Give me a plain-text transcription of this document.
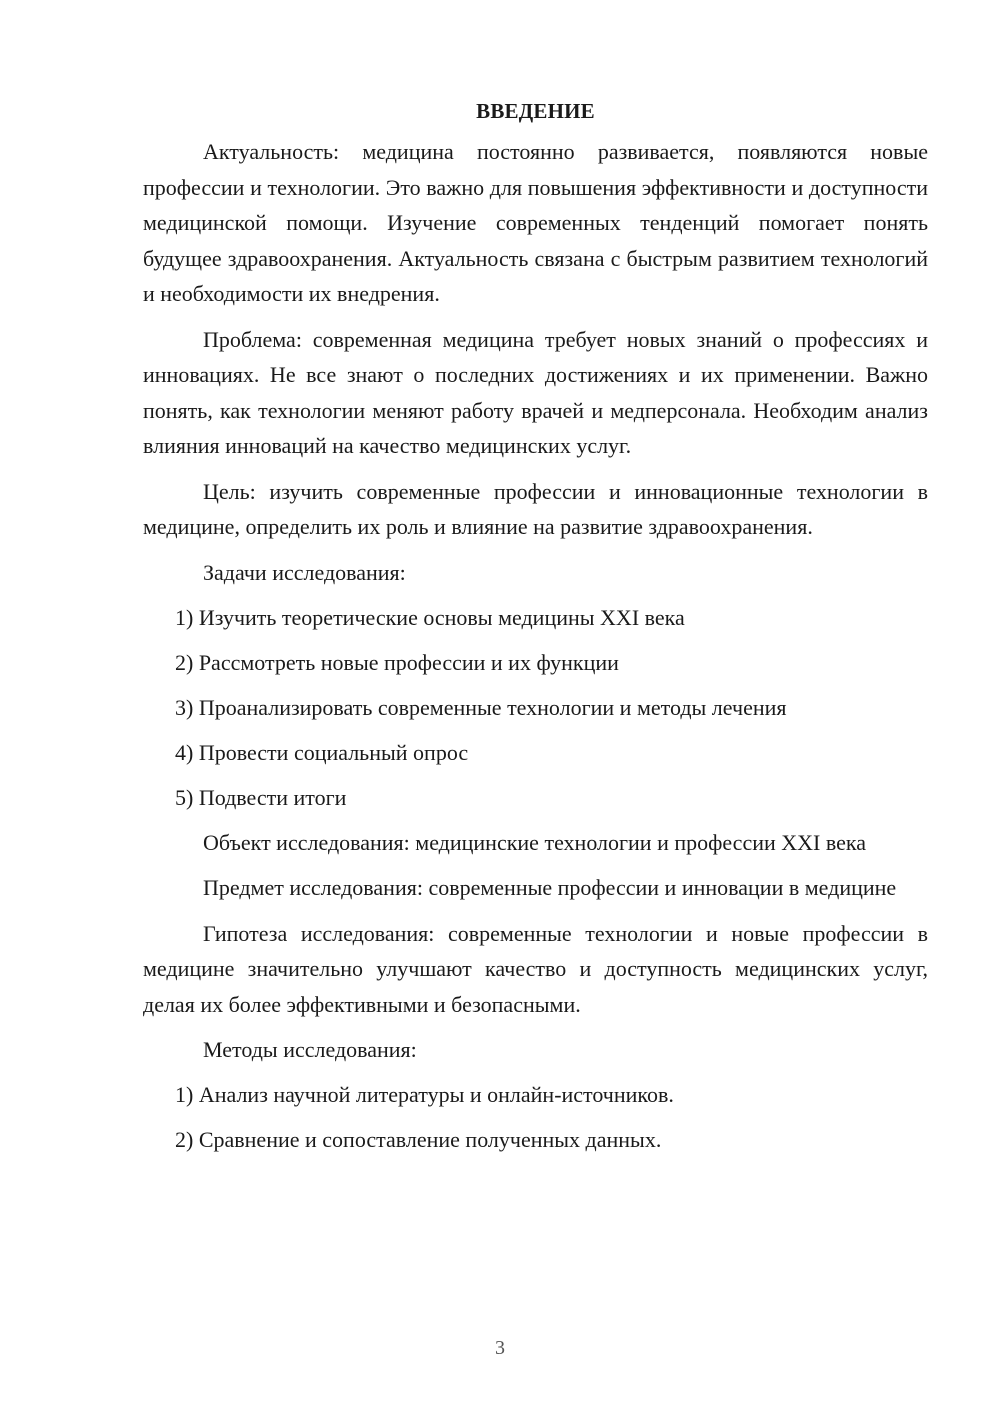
ВВЕДЕНИЕ

Актуальность: медицина постоянно развивается, появляются новые профессии и технологии. Это важно для повышения эффективности и доступности медицинской помощи. Изучение современных тенденций помогает понять будущее здравоохранения. Актуальность связана с быстрым развитием технологий и необходимости их внедрения.

Проблема: современная медицина требует новых знаний о профессиях и инновациях. Не все знают о последних достижениях и их применении. Важно понять, как технологии меняют работу врачей и медперсонала. Необходим анализ влияния инноваций на качество медицинских услуг.

Цель: изучить современные профессии и инновационные технологии в медицине, определить их роль и влияние на развитие здравоохранения.

Задачи исследования:

1) Изучить теоретические основы медицины XXI века

2) Рассмотреть новые профессии и их функции

3) Проанализировать современные технологии и методы лечения

4) Провести социальный опрос

5) Подвести итоги

Объект исследования: медицинские технологии и профессии XXI века

Предмет исследования: современные профессии и инновации в медицине

Гипотеза исследования: современные технологии и новые профессии в медицине значительно улучшают качество и доступность медицинских услуг, делая их более эффективными и безопасными.

Методы исследования:

1) Анализ научной литературы и онлайн-источников.

2) Сравнение и сопоставление полученных данных.

3
